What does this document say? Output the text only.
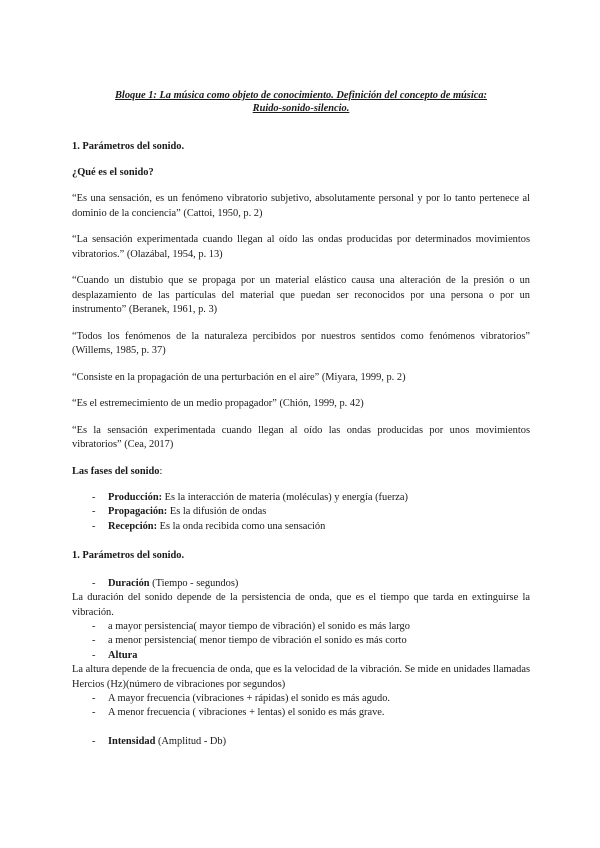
Bloque 1: La música como objeto de conocimiento. Definición del concepto de música:
Ruido-sonido-silencio.
1. Parámetros del sonido.
¿Qué es el sonido?
“Es una sensación, es un fenómeno vibratorio subjetivo, absolutamente personal y por lo tanto pertenece al dominio de la conciencia” (Cattoi, 1950, p. 2)
“La sensación experimentada cuando llegan al oído las ondas producidas por determinados movimientos vibratorios.” (Olazábal, 1954, p. 13)
“Cuando un distubio que se propaga por un material elástico causa una alteración de la presión o un desplazamiento de las partículas del material que puedan ser reconocidos por una persona o por un instrumento” (Beranek, 1961, p. 3)
“Todos los fenómenos de la naturaleza percibidos por nuestros sentidos como fenómenos vibratorios” (Willems, 1985, p. 37)
“Consiste en la propagación de una perturbación en el aire” (Miyara, 1999, p. 2)
“Es el estremecimiento de un medio propagador” (Chión, 1999, p. 42)
“Es la sensación experimentada cuando llegan al oído las ondas producidas por unos movimientos vibratorios” (Cea, 2017)
Las fases del sonido:
- Producción: Es la interacción de materia (moléculas) y energía (fuerza)
- Propagación: Es la difusión de ondas
- Recepción: Es la onda recibida como una sensación
1. Parámetros del sonido.
- Duración (Tiempo - segundos)
La duración del sonido depende de la persistencia de onda, que es el tiempo que tarda en extinguirse la vibración.
- a mayor persistencia( mayor tiempo de vibración) el sonido es más largo
- a menor persistencia( menor tiempo de vibración el sonido es más corto
- Altura
La altura depende de la frecuencia de onda, que es la velocidad de la vibración. Se mide en unidades llamadas Hercios (Hz)(número de vibraciones por segundos)
- A mayor frecuencia (vibraciones + rápidas) el sonido es más agudo.
- A menor frecuencia ( vibraciones + lentas) el sonido es más grave.
- Intensidad (Amplitud - Db)
